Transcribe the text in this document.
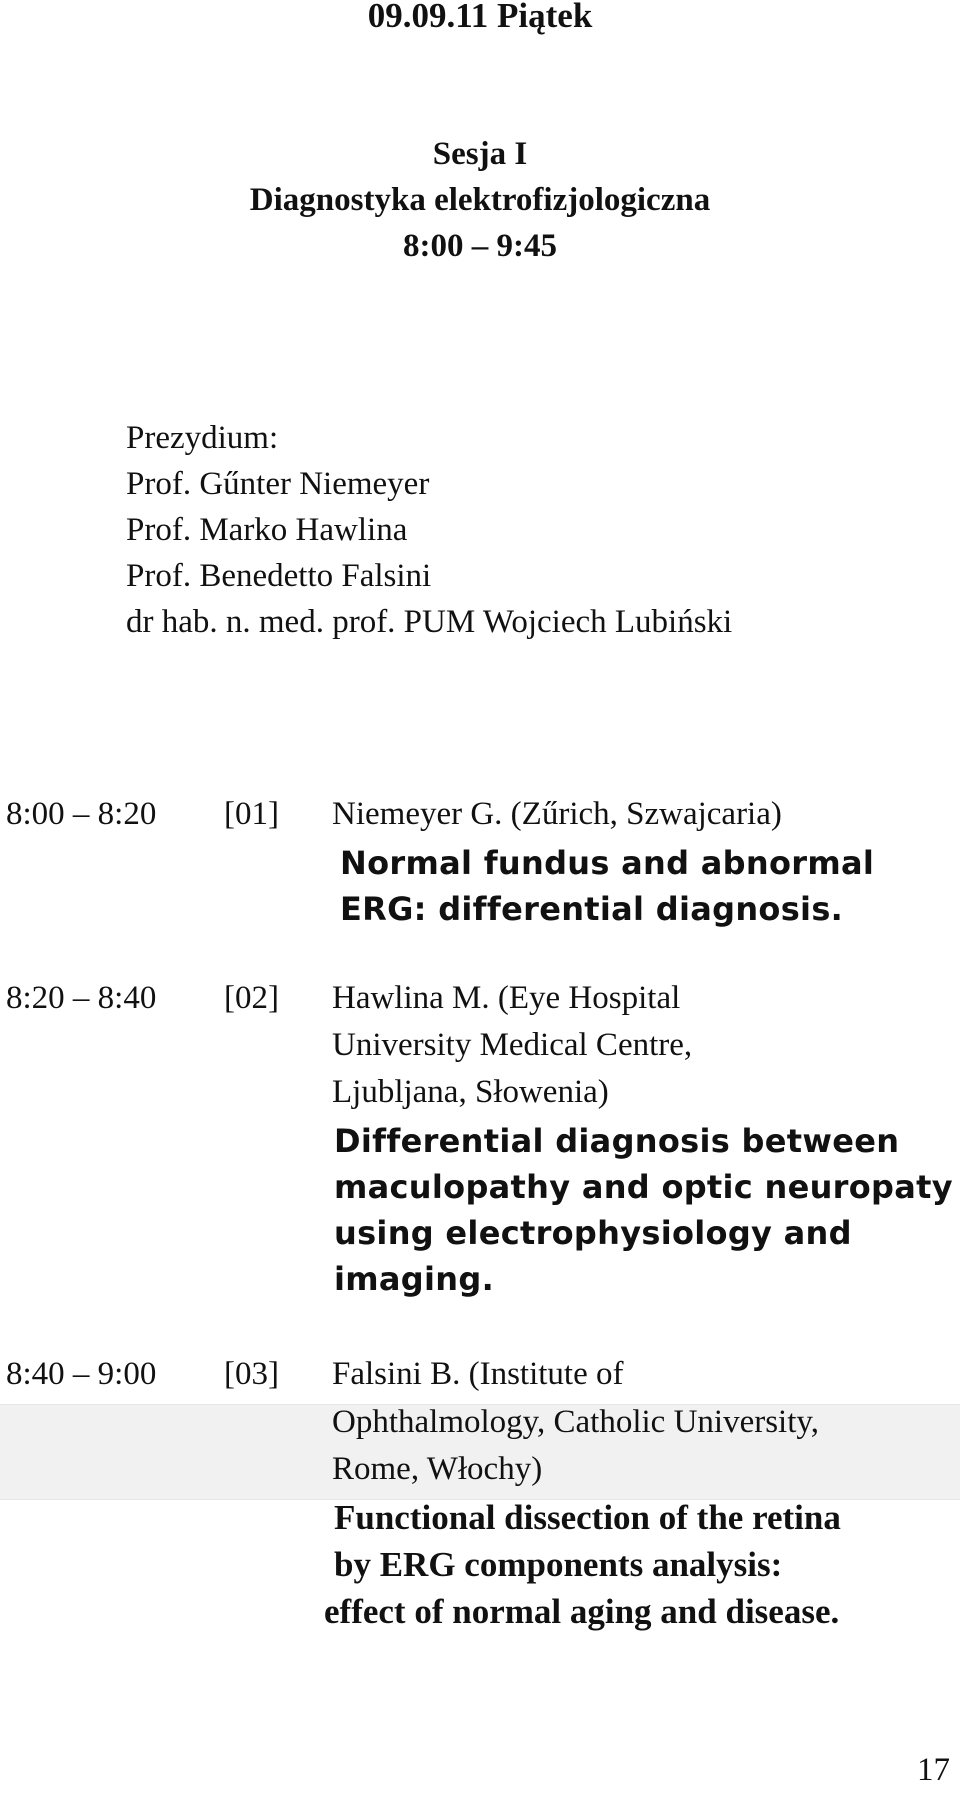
09.09.11 Piątek
Sesja I
Diagnostyka elektrofizjologiczna
8:00 – 9:45
Prezydium:
Prof. Gűnter Niemeyer
Prof. Marko Hawlina
Prof. Benedetto Falsini
dr hab. n. med. prof. PUM Wojciech Lubiński
8:00 – 8:20 [01] Niemeyer G. (Zűrich, Szwajcaria)
Normal fundus and abnormal
ERG: differential diagnosis.
8:20 – 8:40 [02] Hawlina M. (Eye Hospital
University Medical Centre,
Ljubljana, Słowenia)
Differential diagnosis between
maculopathy and optic neuropaty
using electrophysiology and
imaging.
8:40 – 9:00 [03] Falsini B. (Institute of
Ophthalmology, Catholic University,
Rome, Włochy)
Functional dissection of the retina
by ERG components analysis:
effect of normal aging and disease.
17
